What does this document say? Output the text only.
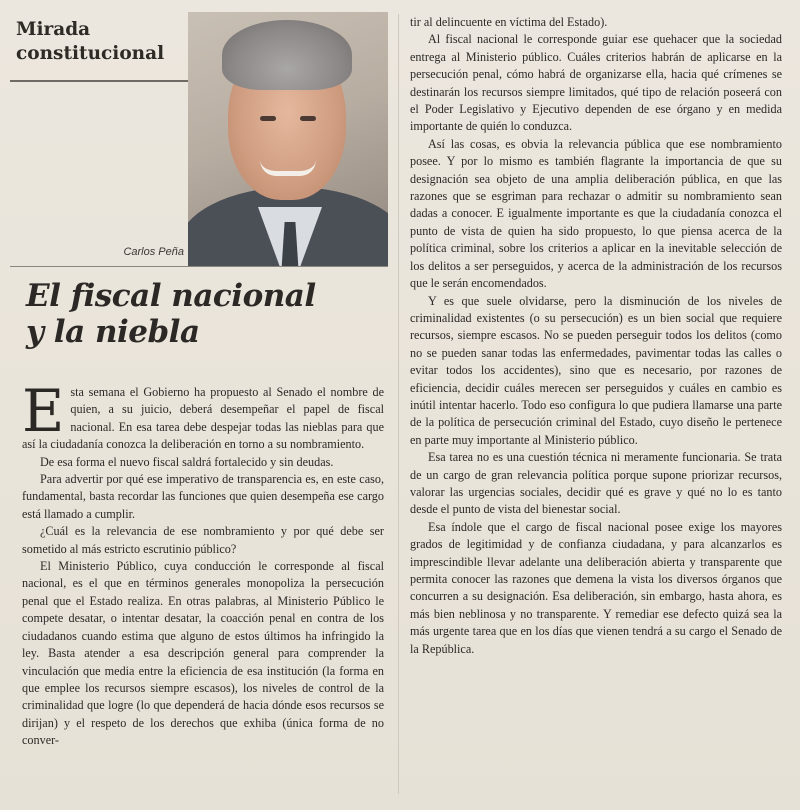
Mirada
constitucional
Carlos Peña
El fiscal nacional
y la niebla

Esta semana el Gobierno ha propuesto al Senado el nombre de quien, a su juicio, deberá desempeñar el papel de fiscal nacional. En esa tarea debe despejar todas las nieblas para que así la ciudadanía conozca la deliberación en torno a su nombramiento.

De esa forma el nuevo fiscal saldrá fortalecido y sin deudas.

Para advertir por qué ese imperativo de transparencia es, en este caso, fundamental, basta recordar las funciones que quien desempeña ese cargo está llamado a cumplir.

¿Cuál es la relevancia de ese nombramiento y por qué debe ser sometido al más estricto escrutinio público?

El Ministerio Público, cuya conducción le corresponde al fiscal nacional, es el que en términos generales monopoliza la persecución penal que el Estado realiza. En otras palabras, al Ministerio Público le compete desatar, o intentar desatar, la coacción penal en contra de los ciudadanos cuando estima que alguno de estos últimos ha infringido la ley. Basta atender a esa descripción general para comprender la vinculación que media entre la eficiencia de esa institución (la forma en que emplee los recursos siempre escasos), los niveles de control de la criminalidad que logre (lo que dependerá de hacia dónde esos recursos se dirijan) y el respeto de los derechos que exhiba (única forma de no conver-

tir al delincuente en víctima del Estado).

Al fiscal nacional le corresponde guiar ese quehacer que la sociedad entrega al Ministerio público. Cuáles criterios habrán de aplicarse en la persecución penal, cómo habrá de organizarse ella, hacia qué crímenes se destinarán los recursos siempre limitados, qué tipo de relación poseerá con el Poder Legislativo y Ejecutivo dependen de ese órgano y en medida importante de quién lo conduzca.

Así las cosas, es obvia la relevancia pública que ese nombramiento posee. Y por lo mismo es también flagrante la importancia de que su designación sea objeto de una amplia deliberación pública, en que las razones que se esgriman para rechazar o admitir su nombramiento sean dadas a conocer. E igualmente importante es que la ciudadanía conozca el punto de vista de quien ha sido propuesto, lo que piensa acerca de la política criminal, sobre los criterios a aplicar en la inevitable selección de los delitos a ser perseguidos, y acerca de la administración de los recursos que le serán encomendados.

Y es que suele olvidarse, pero la disminución de los niveles de criminalidad existentes (o su persecución) es un bien social que requiere recursos, siempre escasos. No se pueden perseguir todos los delitos (como no se pueden sanar todas las enfermedades, pavimentar todas las calles o evitar todos los accidentes), sino que es necesario, por razones de eficiencia, decidir cuáles merecen ser perseguidos y cuáles en cambio es inútil intentar hacerlo. Todo eso configura lo que pudiera llamarse una parte de la política de persecución criminal del Estado, cuyo diseño le pertenece en parte muy importante al Ministerio público.

Esa tarea no es una cuestión técnica ni meramente funcionaria. Se trata de un cargo de gran relevancia política porque supone priorizar recursos, valorar las urgencias sociales, decidir qué es grave y qué no lo es tanto desde el punto de vista del bienestar social.

Esa índole que el cargo de fiscal nacional posee exige los mayores grados de legitimidad y de confianza ciudadana, y para alcanzarlos es imprescindible llevar adelante una deliberación abierta y transparente que permita conocer las razones que demena la vista los diversos órganos que concurren a su designación. Esa deliberación, sin embargo, hasta ahora, es más bien neblinosa y no transparente. Y remediar ese defecto quizá sea la más urgente tarea que en los días que vienen tendrá a su cargo el Senado de la República.
